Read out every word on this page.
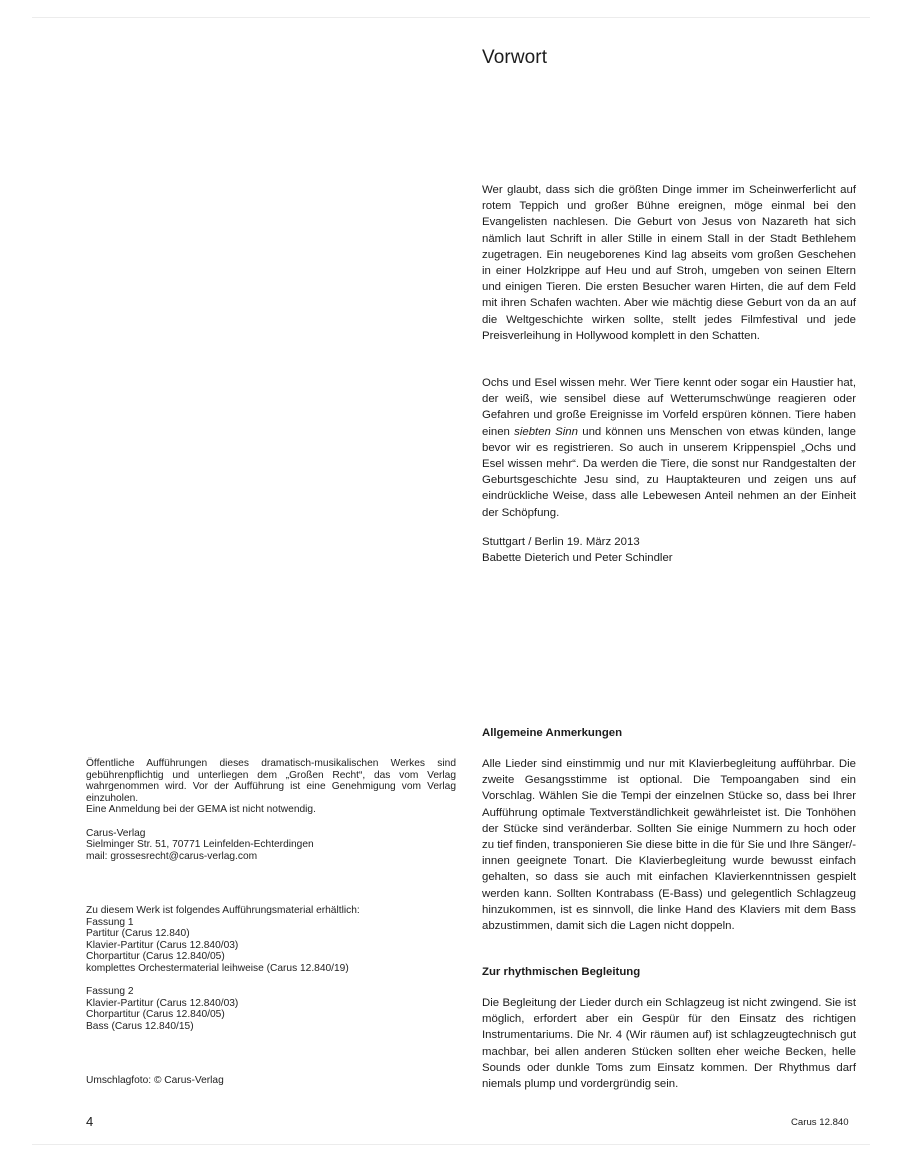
Vorwort

Wer glaubt, dass sich die größten Dinge immer im Scheinwerferlicht auf rotem Teppich und großer Bühne ereignen, möge einmal bei den Evangelisten nachlesen. Die Geburt von Jesus von Nazareth hat sich nämlich laut Schrift in aller Stille in einem Stall in der Stadt Bethlehem zugetragen. Ein neugeborenes Kind lag abseits vom großen Geschehen in einer Holzkrippe auf Heu und auf Stroh, umgeben von seinen Eltern und einigen Tieren. Die ersten Besucher waren Hirten, die auf dem Feld mit ihren Schafen wachten. Aber wie mächtig diese Geburt von da an auf die Weltgeschichte wirken sollte, stellt jedes Filmfestival und jede Preisverleihung in Hollywood komplett in den Schatten.

Ochs und Esel wissen mehr. Wer Tiere kennt oder sogar ein Haustier hat, der weiß, wie sensibel diese auf Wetterumschwünge reagieren oder Gefahren und große Ereignisse im Vorfeld erspüren können. Tiere haben einen siebten Sinn und können uns Menschen von etwas künden, lange bevor wir es registrieren. So auch in unserem Krippenspiel „Ochs und Esel wissen mehr“. Da werden die Tiere, die sonst nur Randgestalten der Geburtsgeschichte Jesu sind, zu Hauptakteuren und zeigen uns auf eindrückliche Weise, dass alle Lebewesen Anteil nehmen an der Einheit der Schöpfung.

Stuttgart / Berlin 19. März 2013
Babette Dieterich und Peter Schindler
Allgemeine Anmerkungen

Alle Lieder sind einstimmig und nur mit Klavierbegleitung aufführbar. Die zweite Gesangsstimme ist optional. Die Tempoangaben sind ein Vorschlag. Wählen Sie die Tempi der einzelnen Stücke so, dass bei Ihrer Aufführung optimale Textverständlichkeit gewährleistet ist. Die Tonhöhen der Stücke sind veränderbar. Sollten Sie einige Nummern zu hoch oder zu tief finden, transponieren Sie diese bitte in die für Sie und Ihre Sänger/-innen geeignete Tonart. Die Klavierbegleitung wurde bewusst einfach gehalten, so dass sie auch mit einfachen Klavierkenntnissen gespielt werden kann. Sollten Kontrabass (E-Bass) und gelegentlich Schlagzeug hinzukommen, ist es sinnvoll, die linke Hand des Klaviers mit dem Bass abzustimmen, damit sich die Lagen nicht doppeln.

Zur rhythmischen Begleitung

Die Begleitung der Lieder durch ein Schlagzeug ist nicht zwingend. Sie ist möglich, erfordert aber ein Gespür für den Einsatz des richtigen Instrumentariums. Die Nr. 4 (Wir räumen auf) ist schlagzeugtechnisch gut machbar, bei allen anderen Stücken sollten eher weiche Becken, helle Sounds oder dunkle Toms zum Einsatz kommen. Der Rhythmus darf niemals plump und vordergründig sein.

Öffentliche Aufführungen dieses dramatisch-musikalischen Werkes sind gebührenpflichtig und unterliegen dem „Großen Recht“, das vom Verlag wahrgenommen wird. Vor der Aufführung ist eine Genehmigung vom Verlag einzuholen.
Eine Anmeldung bei der GEMA ist nicht notwendig.
Carus-Verlag
Sielminger Str. 51, 70771 Leinfelden-Echterdingen
mail: grossesrecht@carus-verlag.com
Zu diesem Werk ist folgendes Aufführungsmaterial erhältlich:
Fassung 1
Partitur (Carus 12.840)
Klavier-Partitur (Carus 12.840/03)
Chorpartitur (Carus 12.840/05)
komplettes Orchestermaterial leihweise (Carus 12.840/19)
Fassung 2
Klavier-Partitur (Carus 12.840/03)
Chorpartitur (Carus 12.840/05)
Bass (Carus 12.840/15)
Umschlagfoto: © Carus-Verlag
4	Carus 12.840
